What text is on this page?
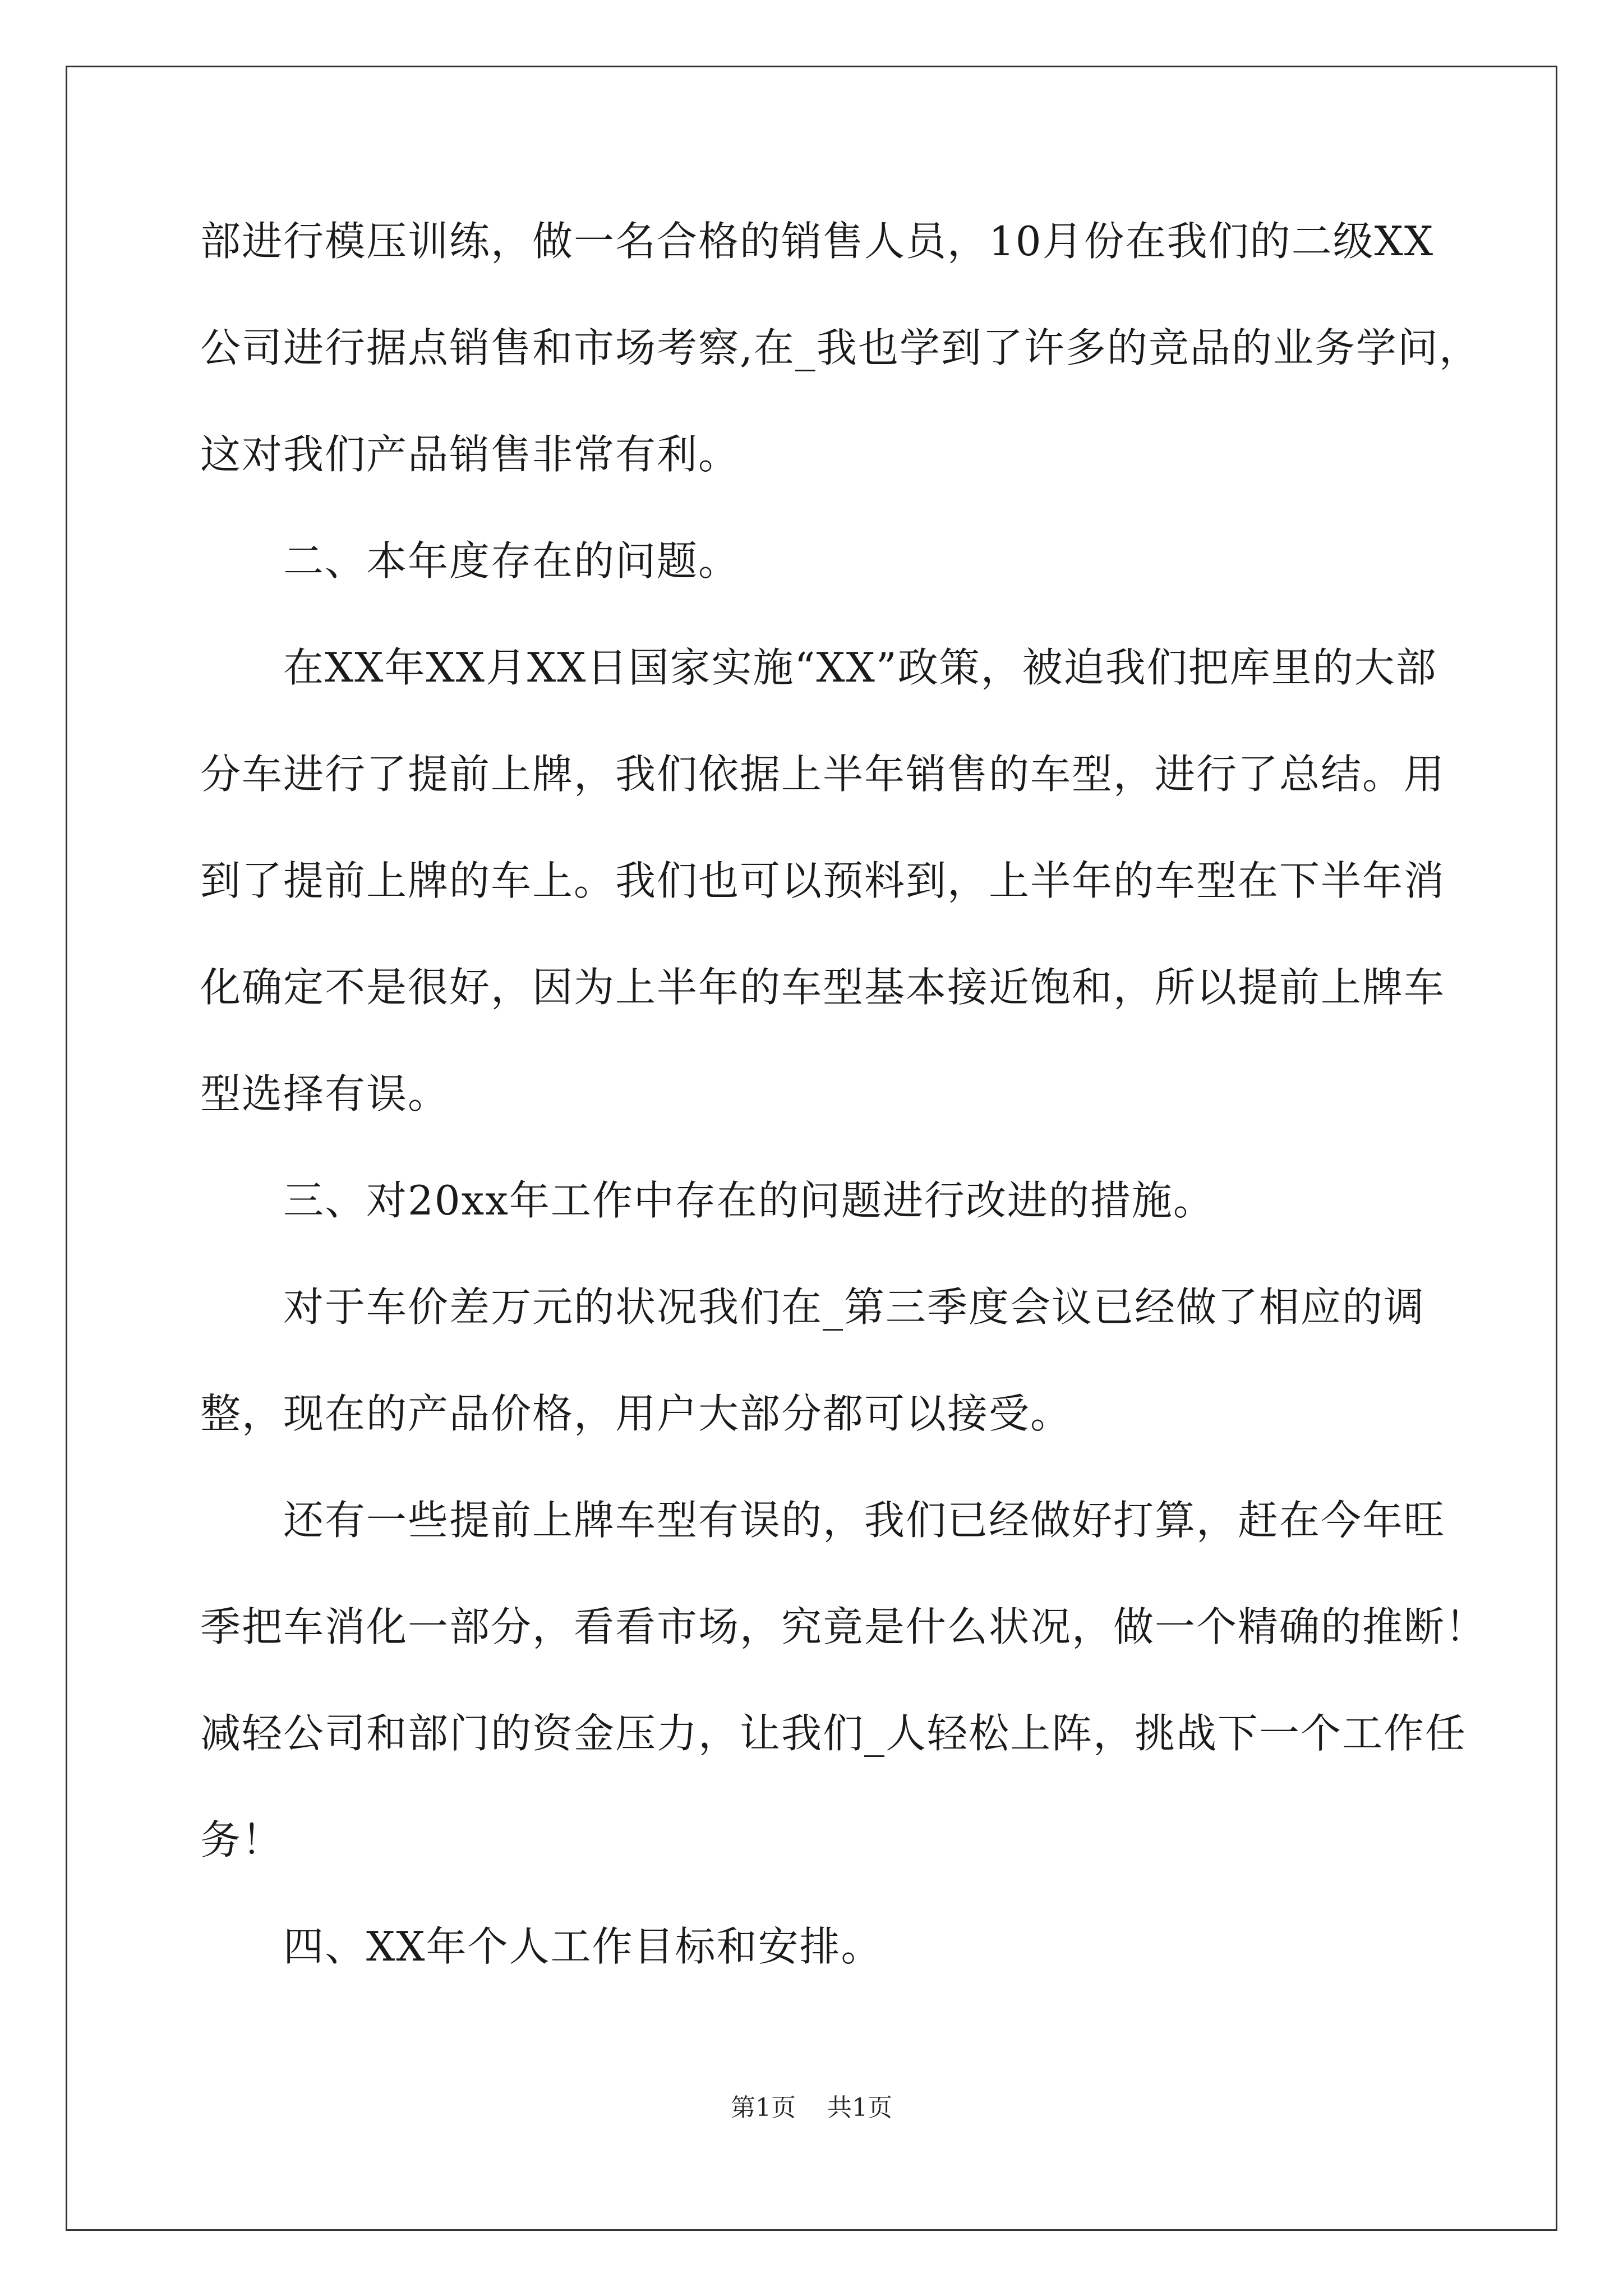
部进行模压训练，做一名合格的销售人员，10月份在我们的二级XX
公司进行据点销售和市场考察,在_我也学到了许多的竞品的业务学问，
这对我们产品销售非常有利。
二、本年度存在的问题。
在XX年XX月XX日国家实施“XX”政策，被迫我们把库里的大部
分车进行了提前上牌，我们依据上半年销售的车型，进行了总结。用
到了提前上牌的车上。我们也可以预料到，上半年的车型在下半年消
化确定不是很好，因为上半年的车型基本接近饱和，所以提前上牌车
型选择有误。
三、对20xx年工作中存在的问题进行改进的措施。
对于车价差万元的状况我们在_第三季度会议已经做了相应的调
整，现在的产品价格，用户大部分都可以接受。
还有一些提前上牌车型有误的，我们已经做好打算，赶在今年旺
季把车消化一部分，看看市场，究竟是什么状况，做一个精确的推断！
减轻公司和部门的资金压力，让我们_人轻松上阵，挑战下一个工作任
务！
四、XX年个人工作目标和安排。
第1页 共1页
